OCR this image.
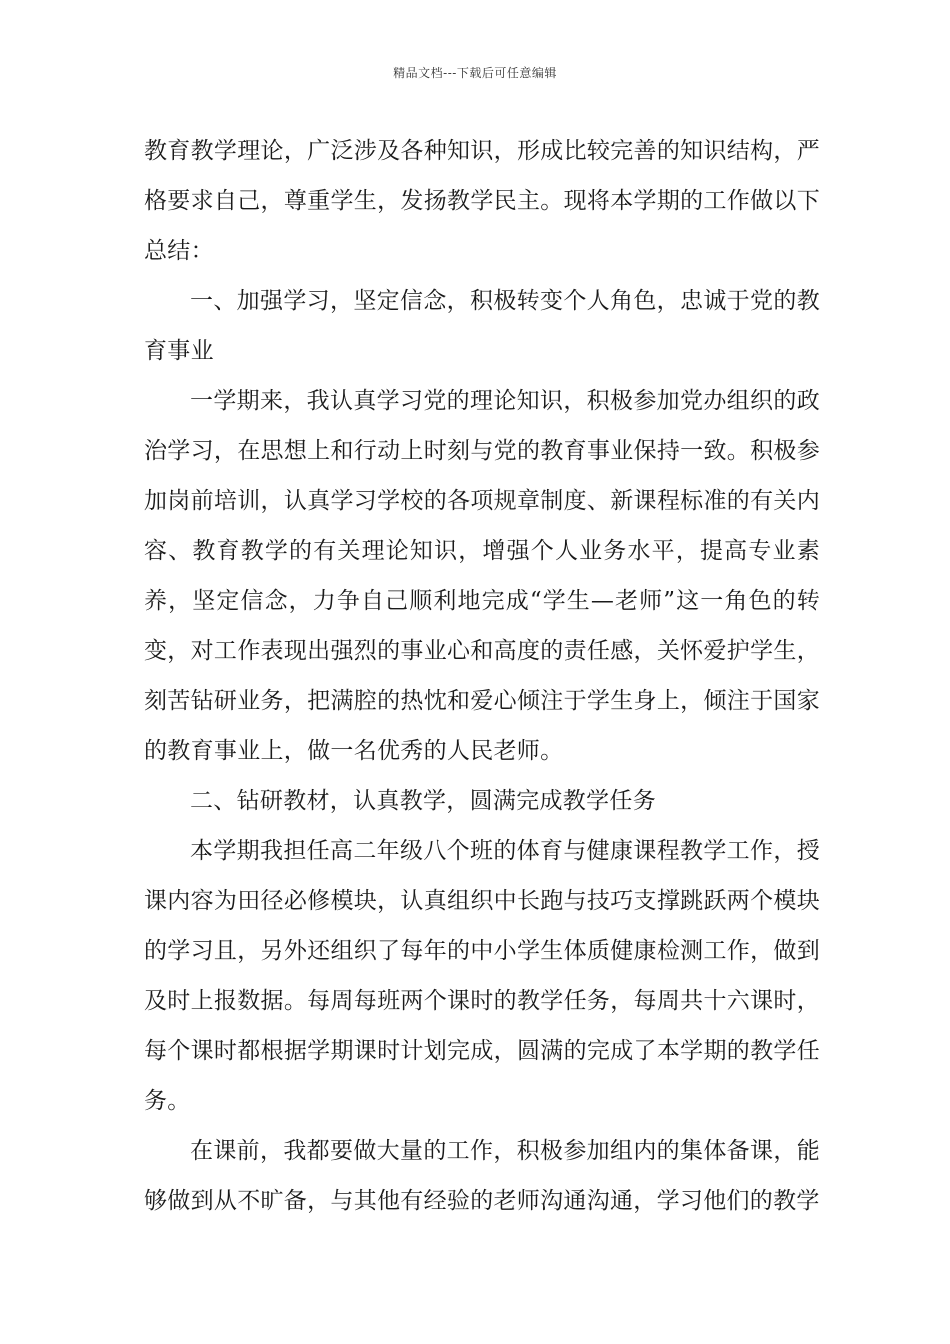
精品文档---下载后可任意编辑

教育教学理论，广泛涉及各种知识，形成比较完善的知识结构，严格要求自己，尊重学生，发扬教学民主。现将本学期的工作做以下总结：

一、加强学习，坚定信念，积极转变个人角色，忠诚于党的教育事业

一学期来，我认真学习党的理论知识，积极参加党办组织的政治学习，在思想上和行动上时刻与党的教育事业保持一致。积极参加岗前培训，认真学习学校的各项规章制度、新课程标准的有关内容、教育教学的有关理论知识，增强个人业务水平，提高专业素养，坚定信念，力争自己顺利地完成“学生—老师”这一角色的转变，对工作表现出强烈的事业心和高度的责任感，关怀爱护学生，刻苦钻研业务，把满腔的热忱和爱心倾注于学生身上，倾注于国家的教育事业上，做一名优秀的人民老师。

二、钻研教材，认真教学，圆满完成教学任务

本学期我担任高二年级八个班的体育与健康课程教学工作，授课内容为田径必修模块，认真组织中长跑与技巧支撑跳跃两个模块的学习且，另外还组织了每年的中小学生体质健康检测工作，做到及时上报数据。每周每班两个课时的教学任务，每周共十六课时，每个课时都根据学期课时计划完成，圆满的完成了本学期的教学任务。

在课前，我都要做大量的工作，积极参加组内的集体备课，能够做到从不旷备，与其他有经验的老师沟通沟通，学习他们的教学
